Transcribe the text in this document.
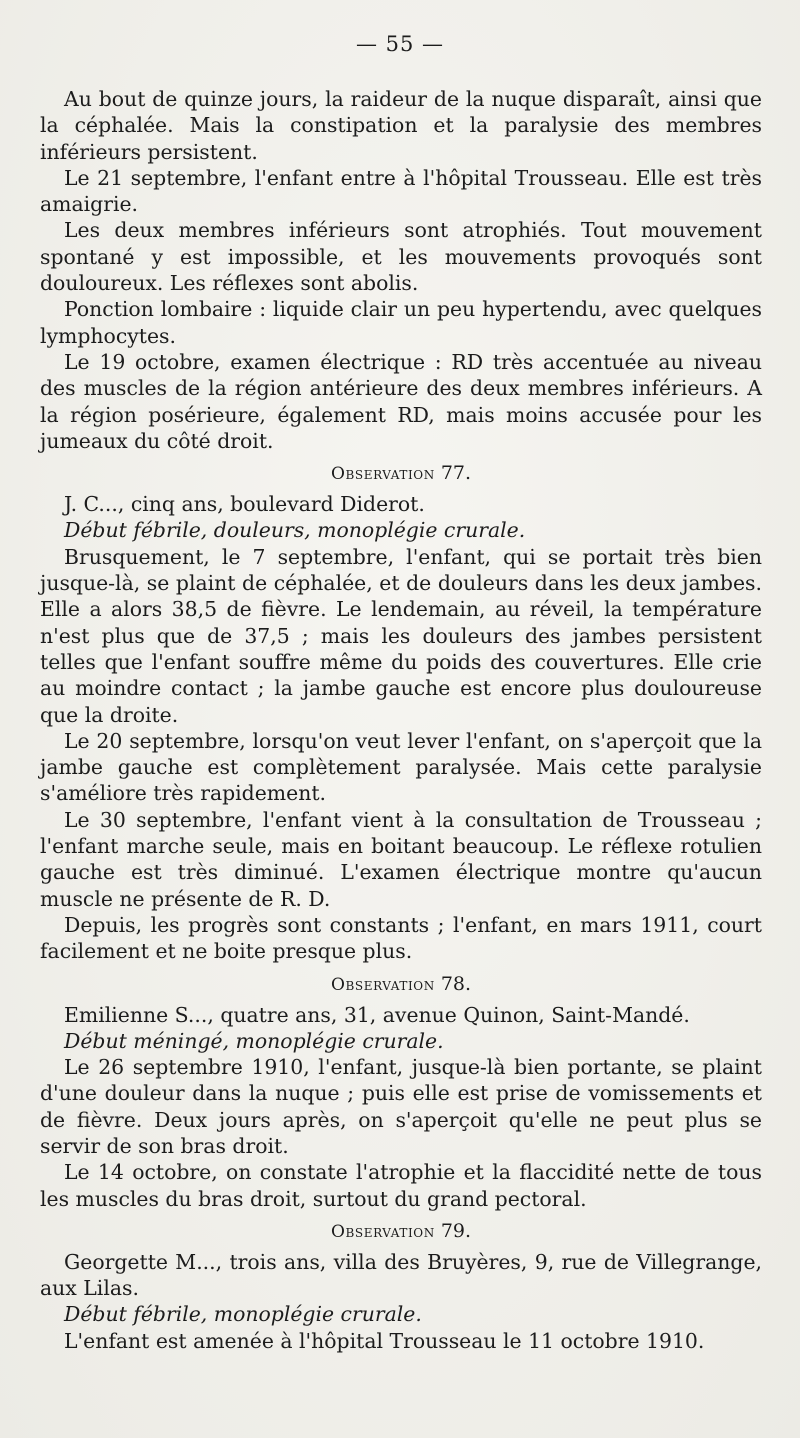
— 55 —

Au bout de quinze jours, la raideur de la nuque disparaît, ainsi que la céphalée. Mais la constipation et la paralysie des membres inférieurs persistent.

Le 21 septembre, l'enfant entre à l'hôpital Trousseau. Elle est très amaigrie.

Les deux membres inférieurs sont atrophiés. Tout mouvement spontané y est impossible, et les mouvements provoqués sont douloureux. Les réflexes sont abolis.

Ponction lombaire : liquide clair un peu hypertendu, avec quelques lymphocytes.

Le 19 octobre, examen électrique : RD très accentuée au niveau des muscles de la région antérieure des deux membres inférieurs. A la région posérieure, également RD, mais moins accusée pour les jumeaux du côté droit.

Observation 77.

J. C..., cinq ans, boulevard Diderot.

Début fébrile, douleurs, monoplégie crurale.

Brusquement, le 7 septembre, l'enfant, qui se portait très bien jusque-là, se plaint de céphalée, et de douleurs dans les deux jambes. Elle a alors 38,5 de fièvre. Le lendemain, au réveil, la température n'est plus que de 37,5 ; mais les douleurs des jambes persistent telles que l'enfant souffre même du poids des couvertures. Elle crie au moindre contact ; la jambe gauche est encore plus douloureuse que la droite.

Le 20 septembre, lorsqu'on veut lever l'enfant, on s'aperçoit que la jambe gauche est complètement paralysée. Mais cette paralysie s'améliore très rapidement.

Le 30 septembre, l'enfant vient à la consultation de Trousseau ; l'enfant marche seule, mais en boitant beaucoup. Le réflexe rotulien gauche est très diminué. L'examen électrique montre qu'aucun muscle ne présente de R. D.

Depuis, les progrès sont constants ; l'enfant, en mars 1911, court facilement et ne boite presque plus.

Observation 78.

Emilienne S..., quatre ans, 31, avenue Quinon, Saint-Mandé.

Début méningé, monoplégie crurale.

Le 26 septembre 1910, l'enfant, jusque-là bien portante, se plaint d'une douleur dans la nuque ; puis elle est prise de vomissements et de fièvre. Deux jours après, on s'aperçoit qu'elle ne peut plus se servir de son bras droit.

Le 14 octobre, on constate l'atrophie et la flaccidité nette de tous les muscles du bras droit, surtout du grand pectoral.

Observation 79.

Georgette M..., trois ans, villa des Bruyères, 9, rue de Villegrange, aux Lilas.

Début fébrile, monoplégie crurale.

L'enfant est amenée à l'hôpital Trousseau le 11 octobre 1910.
